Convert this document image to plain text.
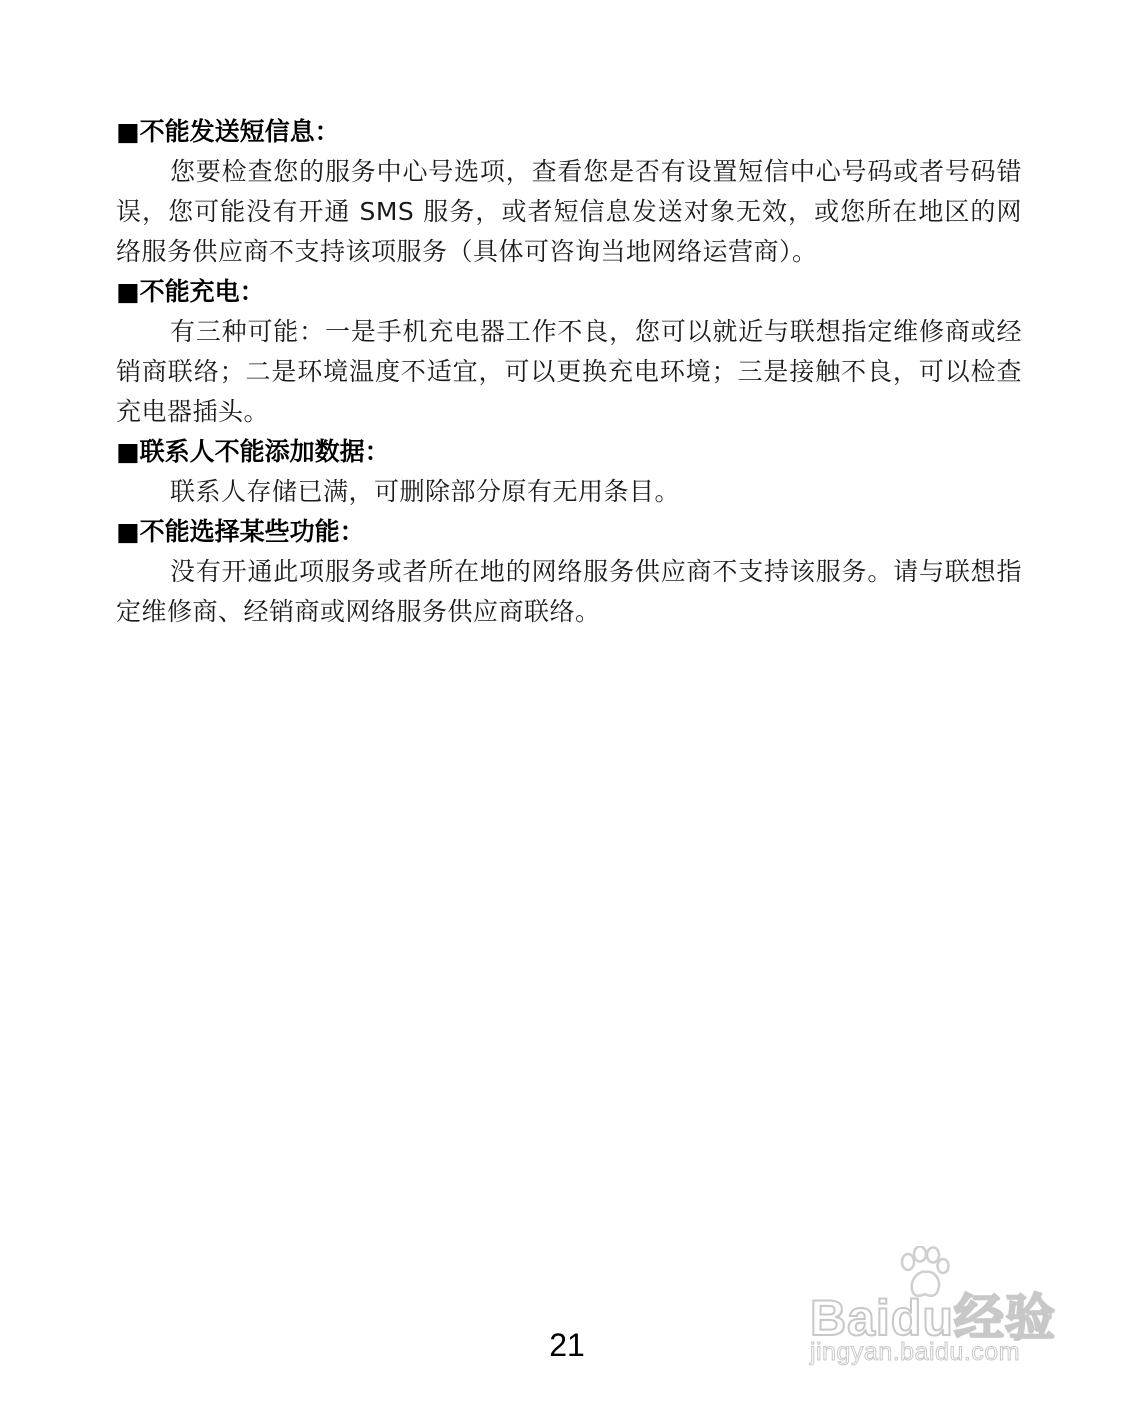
■不能发送短信息：

您要检查您的服务中心号选项，查看您是否有设置短信中心号码或者号码错误，您可能没有开通 SMS 服务，或者短信息发送对象无效，或您所在地区的网络服务供应商不支持该项服务（具体可咨询当地网络运营商）。

■不能充电：

有三种可能：一是手机充电器工作不良，您可以就近与联想指定维修商或经销商联络；二是环境温度不适宜，可以更换充电环境；三是接触不良，可以检查充电器插头。

■联系人不能添加数据：

联系人存储已满，可删除部分原有无用条目。

■不能选择某些功能：

没有开通此项服务或者所在地的网络服务供应商不支持该服务。请与联想指定维修商、经销商或网络服务供应商联络。

21	Baidu经验
jingyan.baidu.com
